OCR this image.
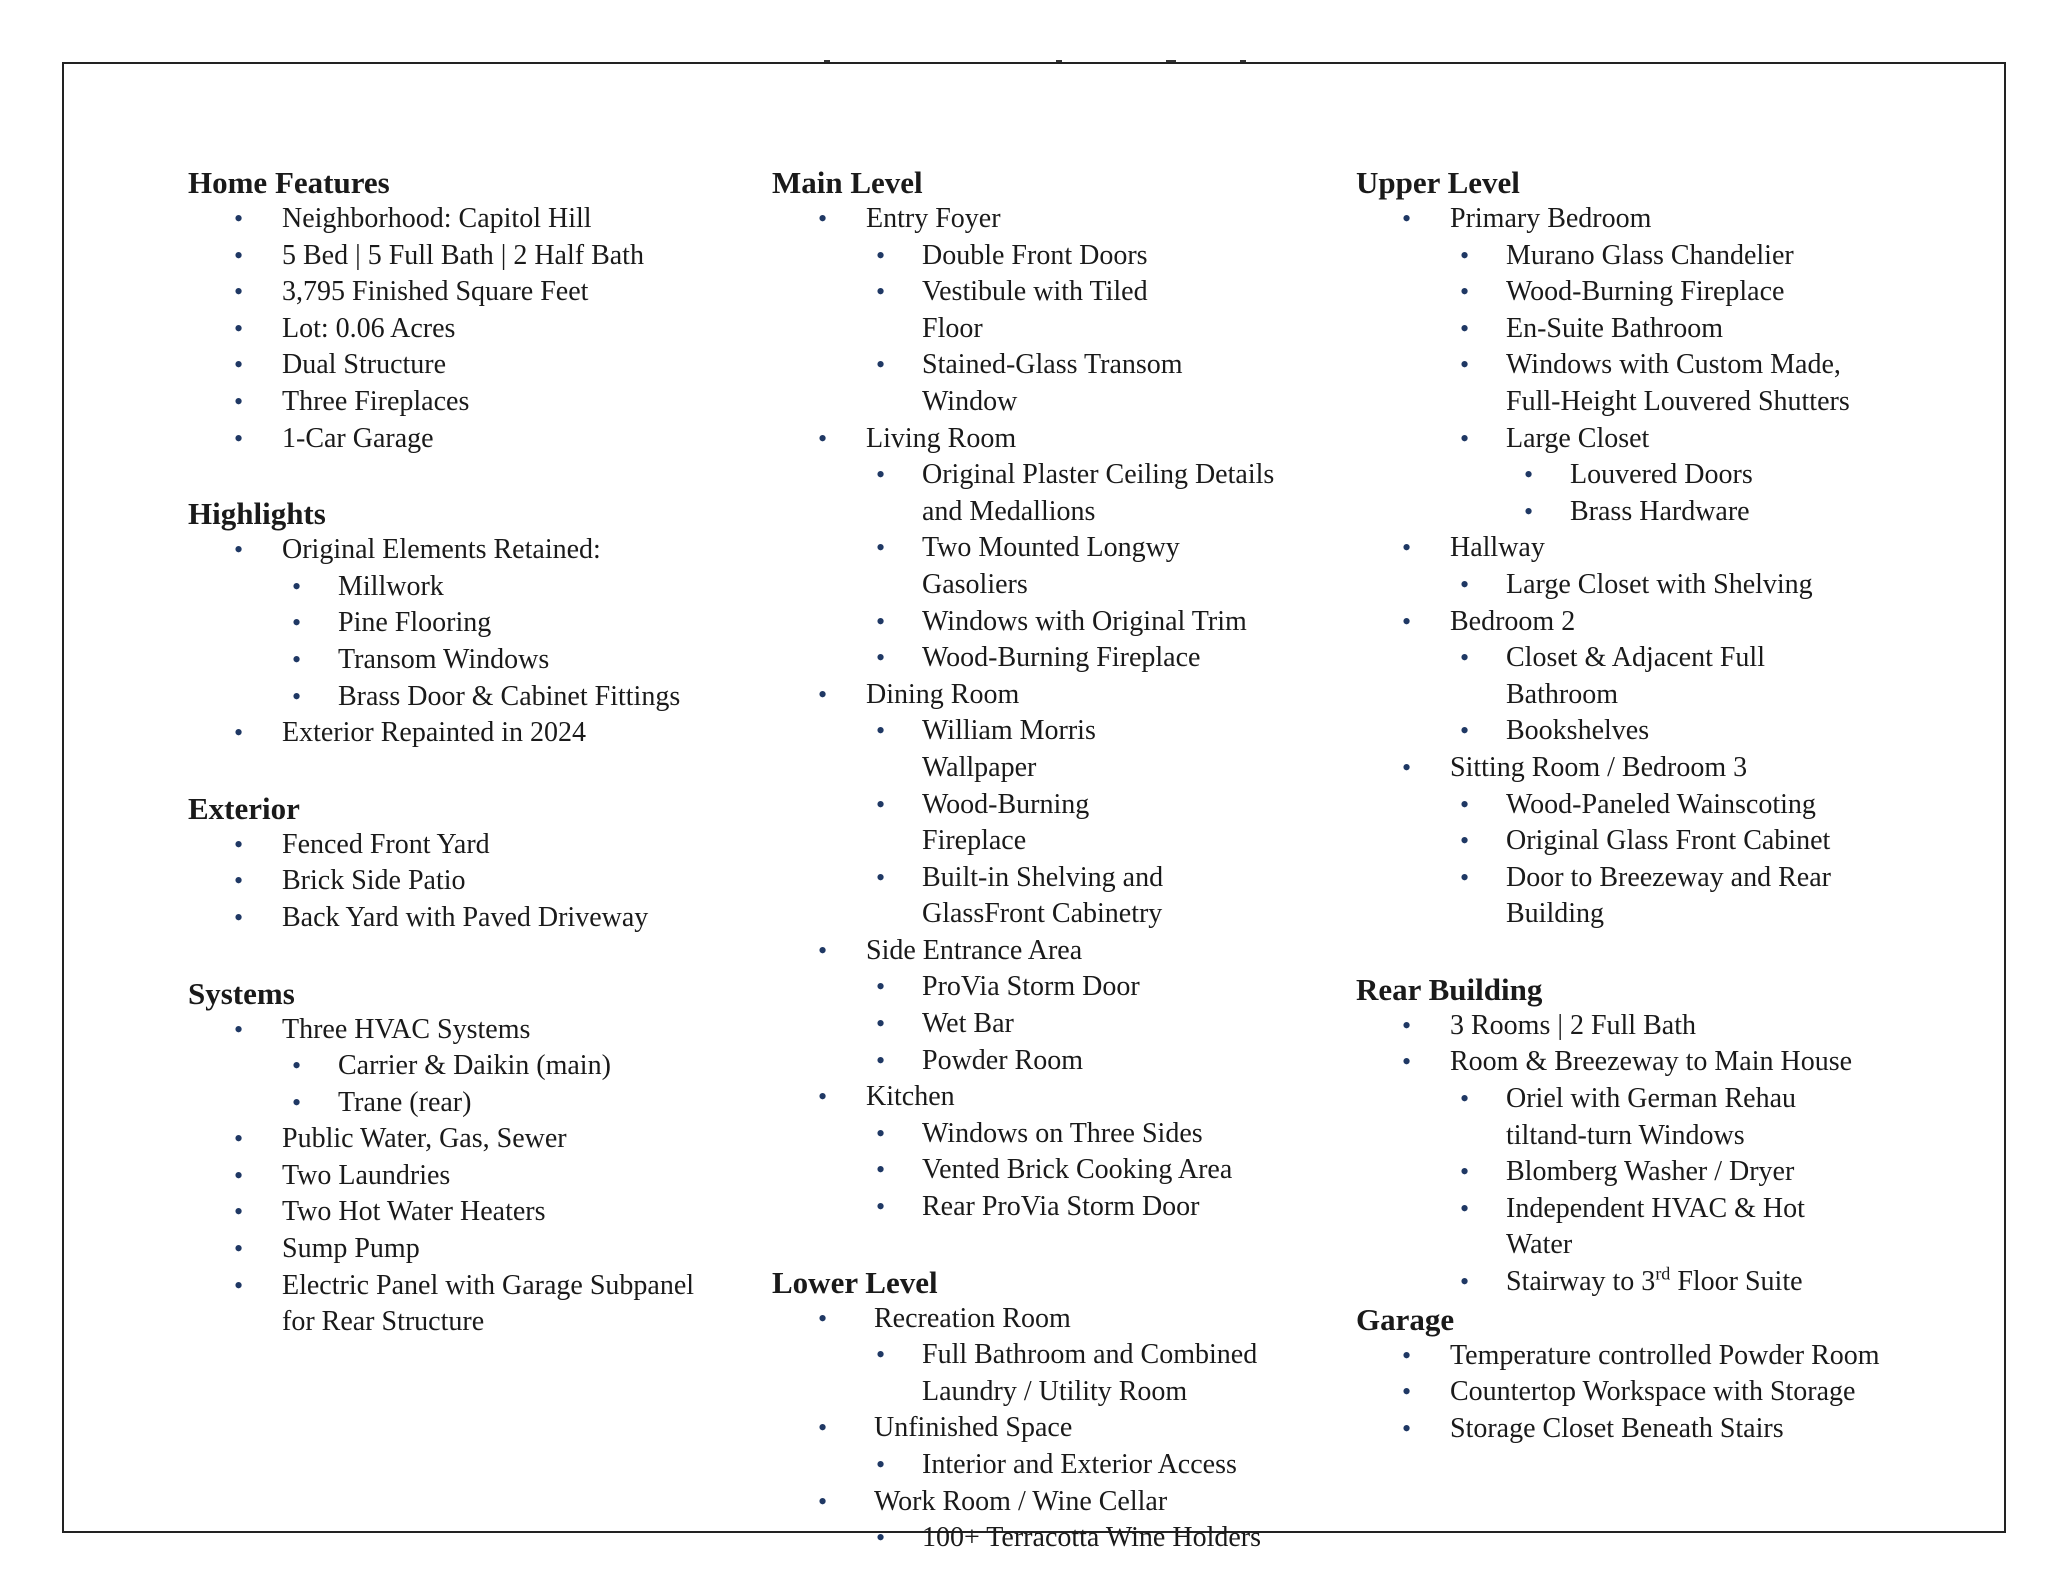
Home Features
• Neighborhood: Capitol Hill
• 5 Bed | 5 Full Bath | 2 Half Bath
• 3,795 Finished Square Feet
• Lot: 0.06 Acres
• Dual Structure
• Three Fireplaces
• 1-Car Garage
Highlights
• Original Elements Retained:
• Millwork
• Pine Flooring
• Transom Windows
• Brass Door & Cabinet Fittings
• Exterior Repainted in 2024
Exterior
• Fenced Front Yard
• Brick Side Patio
• Back Yard with Paved Driveway
Systems
• Three HVAC Systems
• Carrier & Daikin (main)
• Trane (rear)
• Public Water, Gas, Sewer
• Two Laundries
• Two Hot Water Heaters
• Sump Pump
• Electric Panel with Garage Subpanel for Rear Structure
Main Level
• Entry Foyer
• Double Front Doors
• Vestibule with Tiled Floor
• Stained-Glass Transom Window
• Living Room
• Original Plaster Ceiling Details and Medallions
• Two Mounted Longwy Gasoliers
• Windows with Original Trim
• Wood-Burning Fireplace
• Dining Room
• William Morris Wallpaper
• Wood-Burning Fireplace
• Built-in Shelving and GlassFront Cabinetry
• Side Entrance Area
• ProVia Storm Door
• Wet Bar
• Powder Room
• Kitchen
• Windows on Three Sides
• Vented Brick Cooking Area
• Rear ProVia Storm Door
Lower Level
• Recreation Room
• Full Bathroom and Combined Laundry / Utility Room
• Unfinished Space
• Interior and Exterior Access
• Work Room / Wine Cellar
• 100+ Terracotta Wine Holders
Upper Level
• Primary Bedroom
• Murano Glass Chandelier
• Wood-Burning Fireplace
• En-Suite Bathroom
• Windows with Custom Made, Full-Height Louvered Shutters
• Large Closet
• Louvered Doors
• Brass Hardware
• Hallway
• Large Closet with Shelving
• Bedroom 2
• Closet & Adjacent Full Bathroom
• Bookshelves
• Sitting Room / Bedroom 3
• Wood-Paneled Wainscoting
• Original Glass Front Cabinet
• Door to Breezeway and Rear Building
Rear Building
• 3 Rooms | 2 Full Bath
• Room & Breezeway to Main House
• Oriel with German Rehau tiltand-turn Windows
• Blomberg Washer / Dryer
• Independent HVAC & Hot Water
• Stairway to 3rd Floor Suite
Garage
• Temperature controlled Powder Room
• Countertop Workspace with Storage
• Storage Closet Beneath Stairs
